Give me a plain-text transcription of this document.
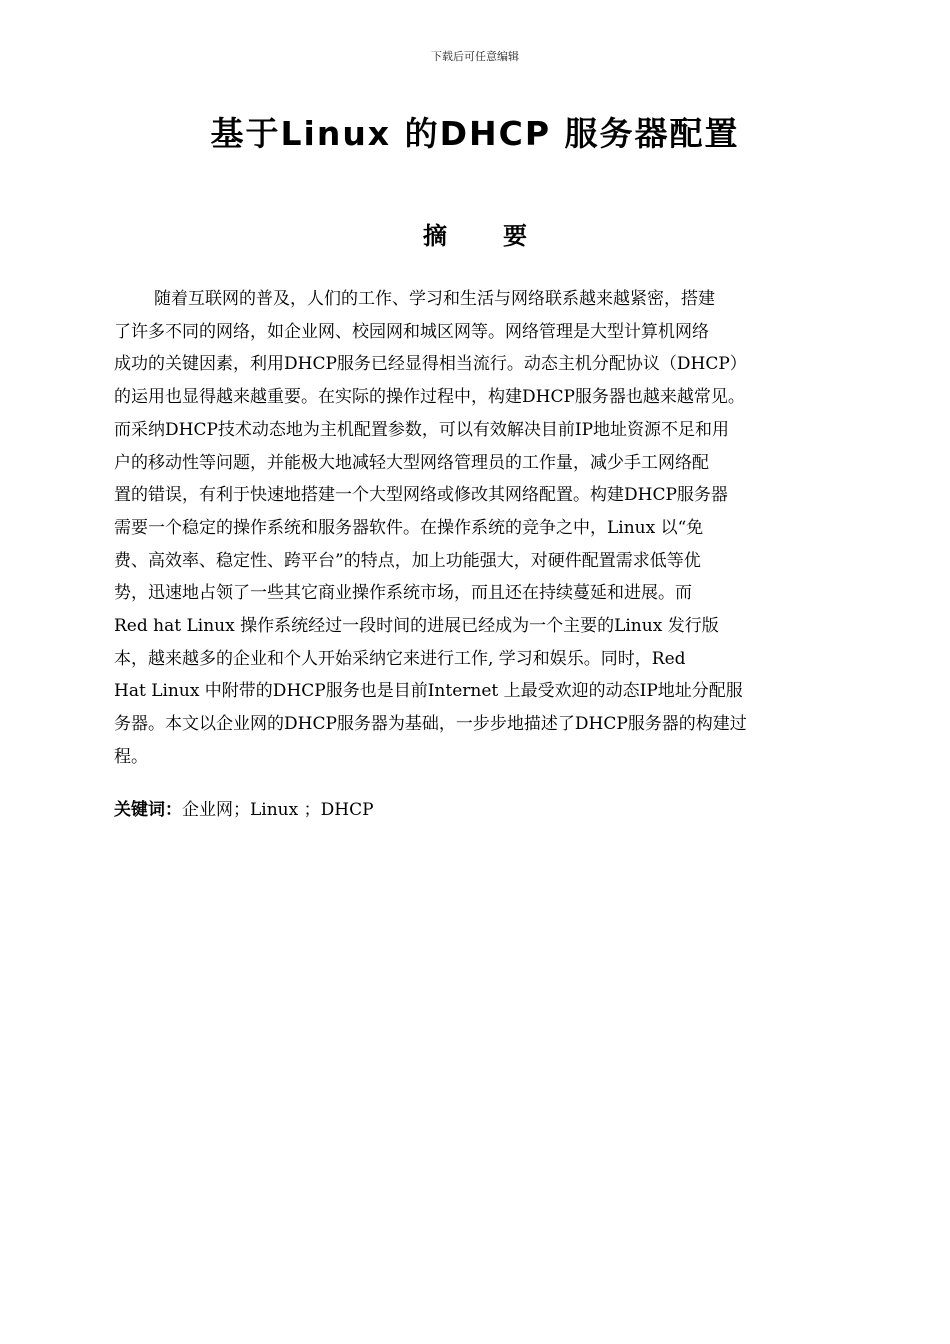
下载后可任意编辑
基于Linux 的DHCP 服务器配置
摘要
随着互联网的普及，人们的工作、学习和生活与网络联系越来越紧密，搭建
了许多不同的网络，如企业网、校园网和城区网等。网络管理是大型计算机网络
成功的关键因素，利用DHCP服务已经显得相当流行。动态主机分配协议（DHCP）
的运用也显得越来越重要。在实际的操作过程中，构建DHCP服务器也越来越常见。
而采纳DHCP技术动态地为主机配置参数，可以有效解决目前IP地址资源不足和用
户的移动性等问题，并能极大地减轻大型网络管理员的工作量，减少手工网络配
置的错误，有利于快速地搭建一个大型网络或修改其网络配置。构建DHCP服务器
需要一个稳定的操作系统和服务器软件。在操作系统的竞争之中，Linux 以“免
费、高效率、稳定性、跨平台”的特点，加上功能强大，对硬件配置需求低等优
势，迅速地占领了一些其它商业操作系统市场，而且还在持续蔓延和进展。而
Red hat Linux 操作系统经过一段时间的进展已经成为一个主要的Linux 发行版
本，越来越多的企业和个人开始采纳它来进行工作, 学习和娱乐。同时，Red
Hat Linux 中附带的DHCP服务也是目前Internet 上最受欢迎的动态IP地址分配服
务器。本文以企业网的DHCP服务器为基础，一步步地描述了DHCP服务器的构建过
程。
关键词：企业网；Linux ；DHCP
